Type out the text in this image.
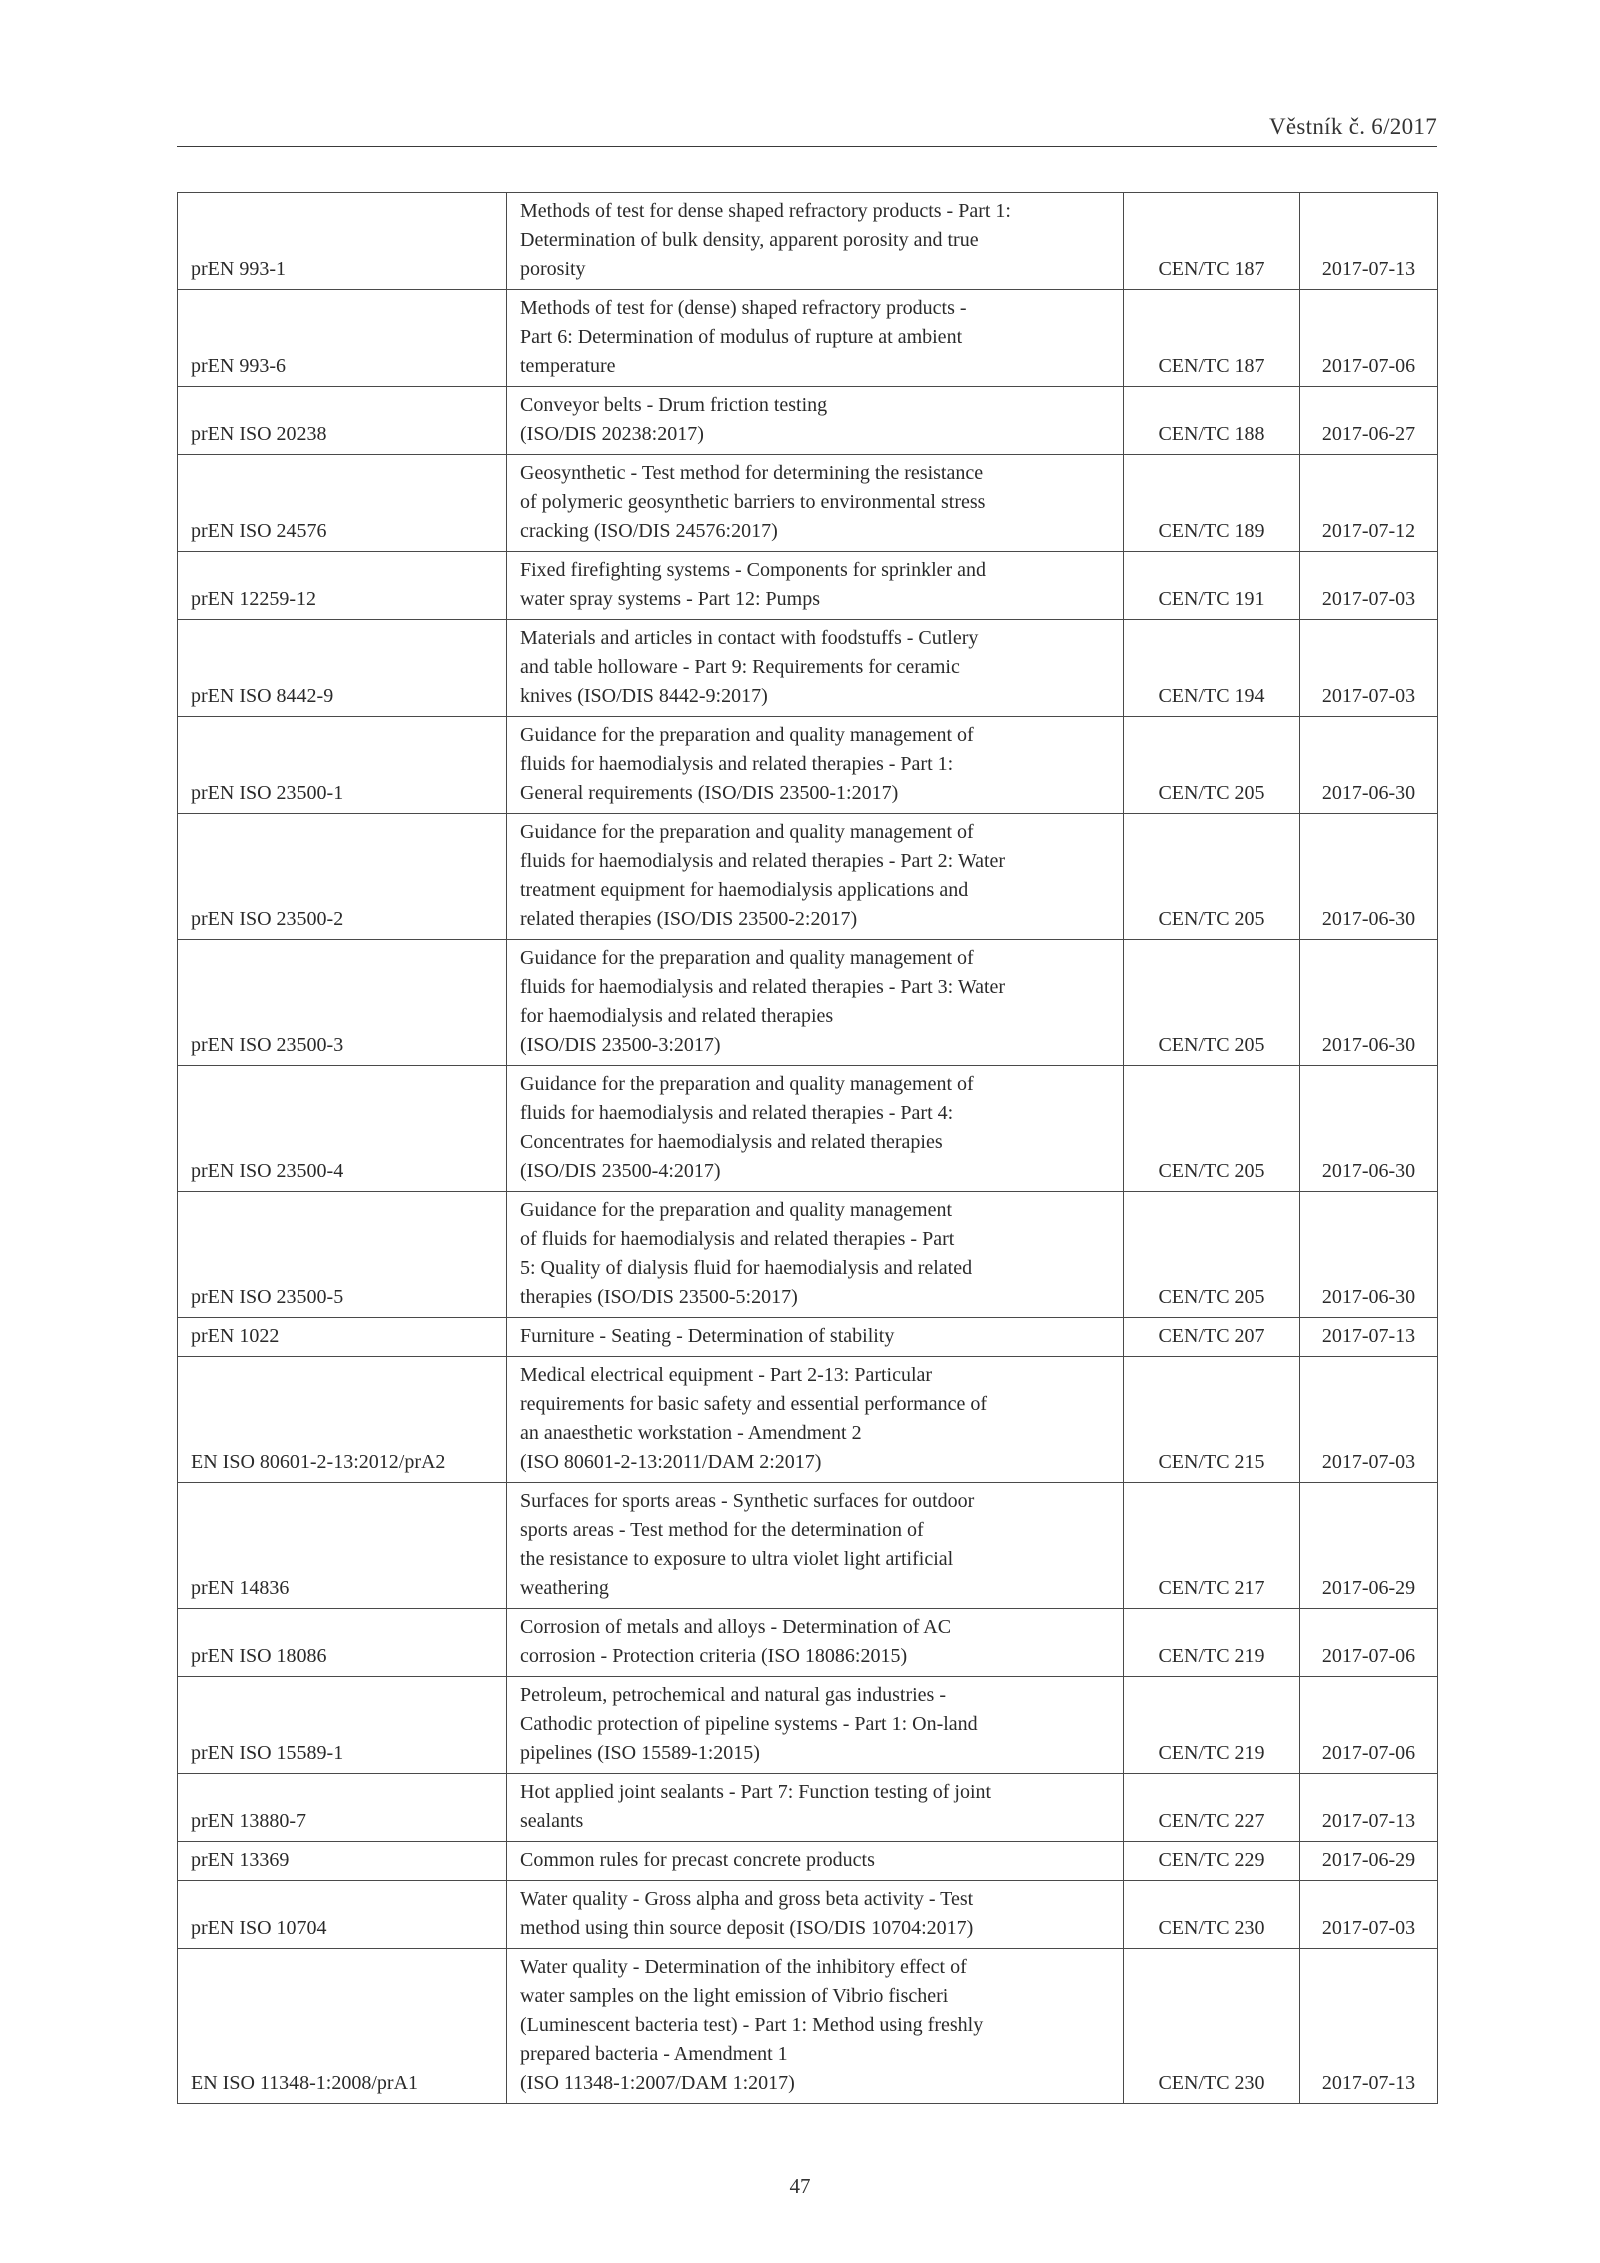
Věstník č. 6/2017
prEN 993-1	Methods of test for dense shaped refractory products - Part 1:
Determination of bulk density, apparent porosity and true
porosity	CEN/TC 187	2017-07-13
prEN 993-6	Methods of test for (dense) shaped refractory products -
Part 6: Determination of modulus of rupture at ambient
temperature	CEN/TC 187	2017-07-06
prEN ISO 20238	Conveyor belts - Drum friction testing
(ISO/DIS 20238:2017)	CEN/TC 188	2017-06-27
prEN ISO 24576	Geosynthetic - Test method for determining the resistance
of polymeric geosynthetic barriers to environmental stress
cracking (ISO/DIS 24576:2017)	CEN/TC 189	2017-07-12
prEN 12259-12	Fixed firefighting systems - Components for sprinkler and
water spray systems - Part 12: Pumps	CEN/TC 191	2017-07-03
prEN ISO 8442-9	Materials and articles in contact with foodstuffs - Cutlery
and table holloware - Part 9: Requirements for ceramic
knives (ISO/DIS 8442-9:2017)	CEN/TC 194	2017-07-03
prEN ISO 23500-1	Guidance for the preparation and quality management of
fluids for haemodialysis and related therapies - Part 1:
General requirements (ISO/DIS 23500-1:2017)	CEN/TC 205	2017-06-30
prEN ISO 23500-2	Guidance for the preparation and quality management of
fluids for haemodialysis and related therapies - Part 2: Water
treatment equipment for haemodialysis applications and
related therapies (ISO/DIS 23500-2:2017)	CEN/TC 205	2017-06-30
prEN ISO 23500-3	Guidance for the preparation and quality management of
fluids for haemodialysis and related therapies - Part 3: Water
for haemodialysis and related therapies
(ISO/DIS 23500-3:2017)	CEN/TC 205	2017-06-30
prEN ISO 23500-4	Guidance for the preparation and quality management of
fluids for haemodialysis and related therapies - Part 4:
Concentrates for haemodialysis and related therapies
(ISO/DIS 23500-4:2017)	CEN/TC 205	2017-06-30
prEN ISO 23500-5	Guidance for the preparation and quality management
of fluids for haemodialysis and related therapies - Part
5: Quality of dialysis fluid for haemodialysis and related
therapies (ISO/DIS 23500-5:2017)	CEN/TC 205	2017-06-30
prEN 1022	Furniture - Seating - Determination of stability	CEN/TC 207	2017-07-13
EN ISO 80601-2-13:2012/prA2	Medical electrical equipment - Part 2-13: Particular
requirements for basic safety and essential performance of
an anaesthetic workstation - Amendment 2
(ISO 80601-2-13:2011/DAM 2:2017)	CEN/TC 215	2017-07-03
prEN 14836	Surfaces for sports areas - Synthetic surfaces for outdoor
sports areas - Test method for the determination of
the resistance to exposure to ultra violet light artificial
weathering	CEN/TC 217	2017-06-29
prEN ISO 18086	Corrosion of metals and alloys - Determination of AC
corrosion - Protection criteria (ISO 18086:2015)	CEN/TC 219	2017-07-06
prEN ISO 15589-1	Petroleum, petrochemical and natural gas industries -
Cathodic protection of pipeline systems - Part 1: On-land
pipelines (ISO 15589-1:2015)	CEN/TC 219	2017-07-06
prEN 13880-7	Hot applied joint sealants - Part 7: Function testing of joint
sealants	CEN/TC 227	2017-07-13
prEN 13369	Common rules for precast concrete products	CEN/TC 229	2017-06-29
prEN ISO 10704	Water quality - Gross alpha and gross beta activity - Test
method using thin source deposit (ISO/DIS 10704:2017)	CEN/TC 230	2017-07-03
EN ISO 11348-1:2008/prA1	Water quality - Determination of the inhibitory effect of
water samples on the light emission of Vibrio fischeri
(Luminescent bacteria test) - Part 1: Method using freshly
prepared bacteria - Amendment 1
(ISO 11348-1:2007/DAM 1:2017)	CEN/TC 230	2017-07-13
47
